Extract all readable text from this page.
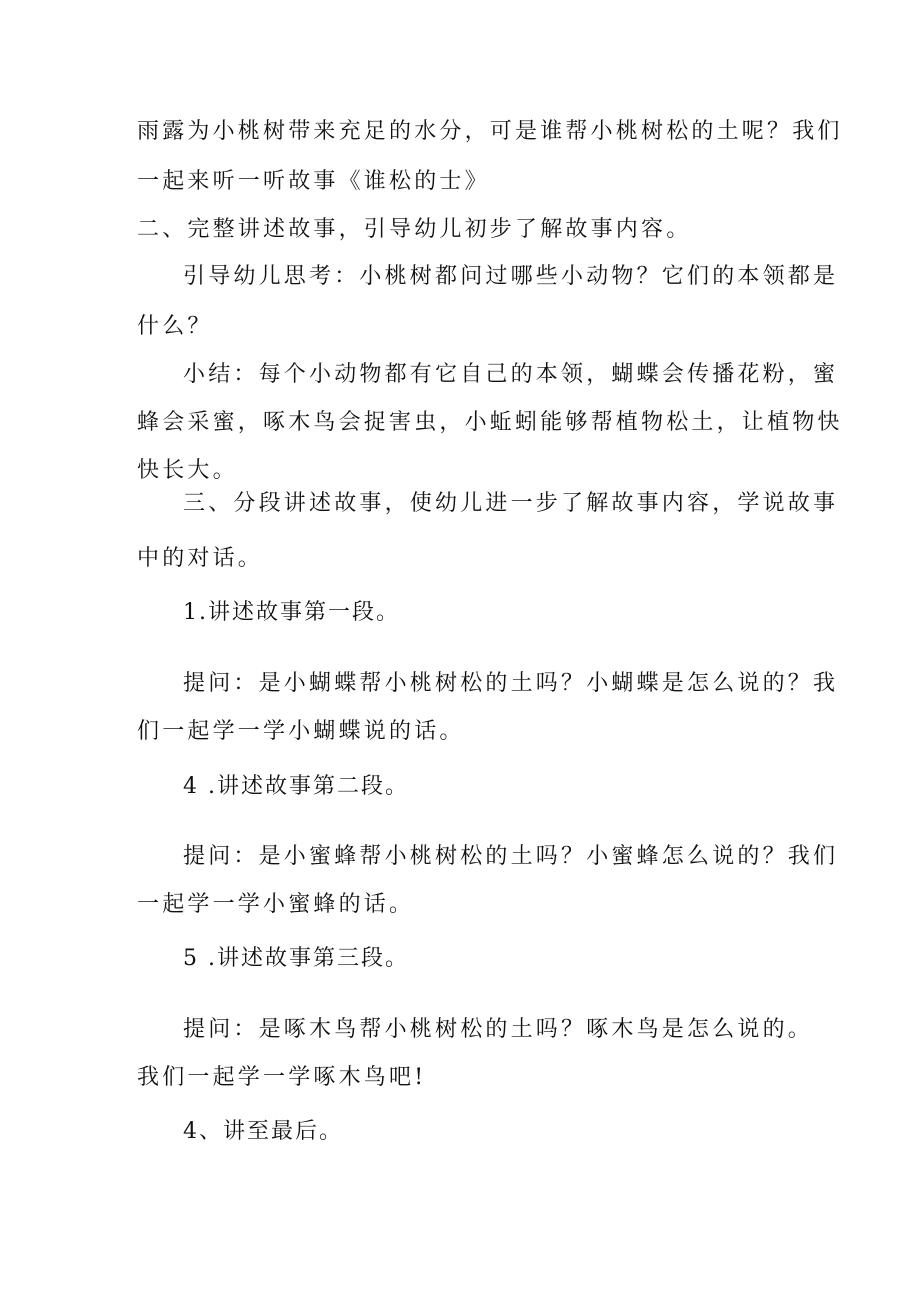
雨露为小桃树带来充足的水分，可是谁帮小桃树松的土呢？我们
一起来听一听故事《谁松的士》
二、完整讲述故事，引导幼儿初步了解故事内容。
引导幼儿思考：小桃树都问过哪些小动物？它们的本领都是
什么？
小结：每个小动物都有它自己的本领，蝴蝶会传播花粉，蜜
蜂会采蜜，啄木鸟会捉害虫，小蚯蚓能够帮植物松土，让植物快
快长大。
三、分段讲述故事，使幼儿进一步了解故事内容，学说故事
中的对话。
1.讲述故事第一段。
提问：是小蝴蝶帮小桃树松的土吗？小蝴蝶是怎么说的？我
们一起学一学小蝴蝶说的话。
4 .讲述故事第二段。
提问：是小蜜蜂帮小桃树松的土吗？小蜜蜂怎么说的？我们
一起学一学小蜜蜂的话。
5 .讲述故事第三段。
提问：是啄木鸟帮小桃树松的土吗？啄木鸟是怎么说的。
我们一起学一学啄木鸟吧!
4、讲至最后。
